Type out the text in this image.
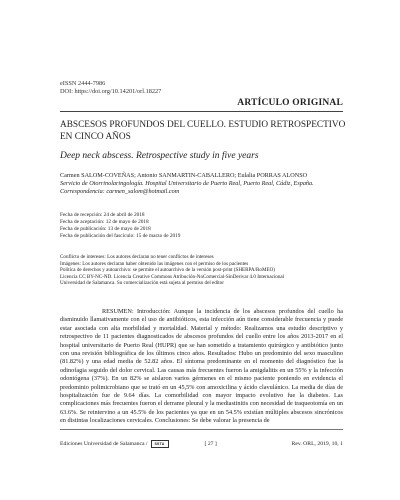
eISSN 2444-7986
DOI: https://doi.org/10.14201/orl.18227
ARTÍCULO ORIGINAL
ABSCESOS PROFUNDOS DEL CUELLO. ESTUDIO RETROSPECTIVO EN CINCO AÑOS
Deep neck abscess. Retrospective study in five years
Carmen SALOM-COVEÑAS; Antonio SANMARTIN-CABALLERO; Eulalia PORRAS ALONSO
Servicio de Otorrinolaringología. Hospital Universitario de Puerto Real, Puerto Real, Cádiz, España.
Correspondencia: carmen_salom@hotmail.com
Fecha de recepción: 24 de abril de 2018
Fecha de aceptación: 12 de mayo de 2018
Fecha de publicación: 13 de mayo de 2018
Fecha de publicación del fascículo: 15 de marzo de 2019
Conflicto de intereses: Los autores declaran no tener conflictos de intereses
Imágenes: Los autores declaran haber obtenido las imágenes con el permiso de los pacientes
Política de derechos y autoarchivo: se permite el autoarchivo de la versión post-print (SHERPA/RoMEO)
Licencia CC BY-NC-ND. Licencia Creative Commons Atribución-NoComercial-SinDerivar 4.0 Internacional
Universidad de Salamanca. Su comercialización está sujeta al permiso del editor

RESUMEN: Introducción: Aunque la incidencia de los abscesos profundos del cuello ha disminuido llamativamente con el uso de antibióticos, esta infección aún tiene considerable frecuencia y puede estar asociada con alta morbilidad y mortalidad. Material y método: Realizamos una estudio descriptivo y retrospectivo de 11 pacientes diagnosticados de abscesos profundos del cuello entre los años 2013-2017 en el hospital universitario de Puerto Real (HUPR) que se han sometido a tratamiento quirúrgico y antibiótico junto con una revisión bibliográfica de los últimos cinco años. Resultados: Hubo un predominio del sexo masculino (81.82%) y una edad media de 52.82 años. El síntoma predominante en el momento del diagnóstico fue la odinofagia seguido del dolor cervical. Las causas más frecuentes fueron la amigdalitis en un 55% y la infección odontógena (37%). En un 82% se aislaron varios gérmenes en el mismo paciente poniendo en evidencia el predominio polimicrobiano que se trató en un 45,5% con amoxicilina y ácido clavulánico. La media de días de hospitalización fue de 9.64 días. La comorbilidad con mayor impacto evolutivo fue la diabetes. Las complicaciones más frecuentes fueron el derrame pleural y la mediastinitis con necesidad de traqueotomía en un 63.6%. Se reintervino a un 45.5% de los pacientes ya que en un 54.5% existían múltiples abscesos sincrónicos en distintas localizaciones cervicales. Conclusiones: Se debe valorar la presencia de

Ediciones Universidad de Salamanca /	SSTA	[ 27 ]	Rev. ORL, 2019, 10, 1
